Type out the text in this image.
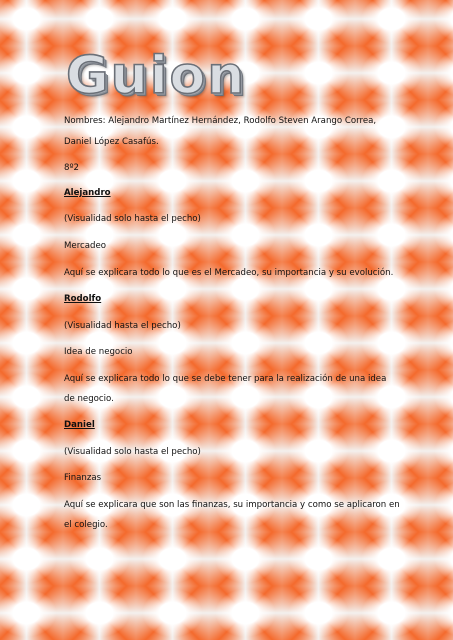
Guion
Nombres: Alejandro Martínez Hernández, Rodolfo Steven Arango Correa,
Daniel López Casafús.
8º2
Alejandro
(Visualidad solo hasta el pecho)
Mercadeo
Aquí se explicara todo lo que es el Mercadeo, su importancia y su evolución.
Rodolfo
(Visualidad hasta el pecho)
Idea de negocio
Aquí se explicara todo lo que se debe tener para la realización de una idea
de negocio.
Daniel
(Visualidad solo hasta el pecho)
Finanzas
Aquí se explicara que son las finanzas, su importancia y como se aplicaron en
el colegio.
